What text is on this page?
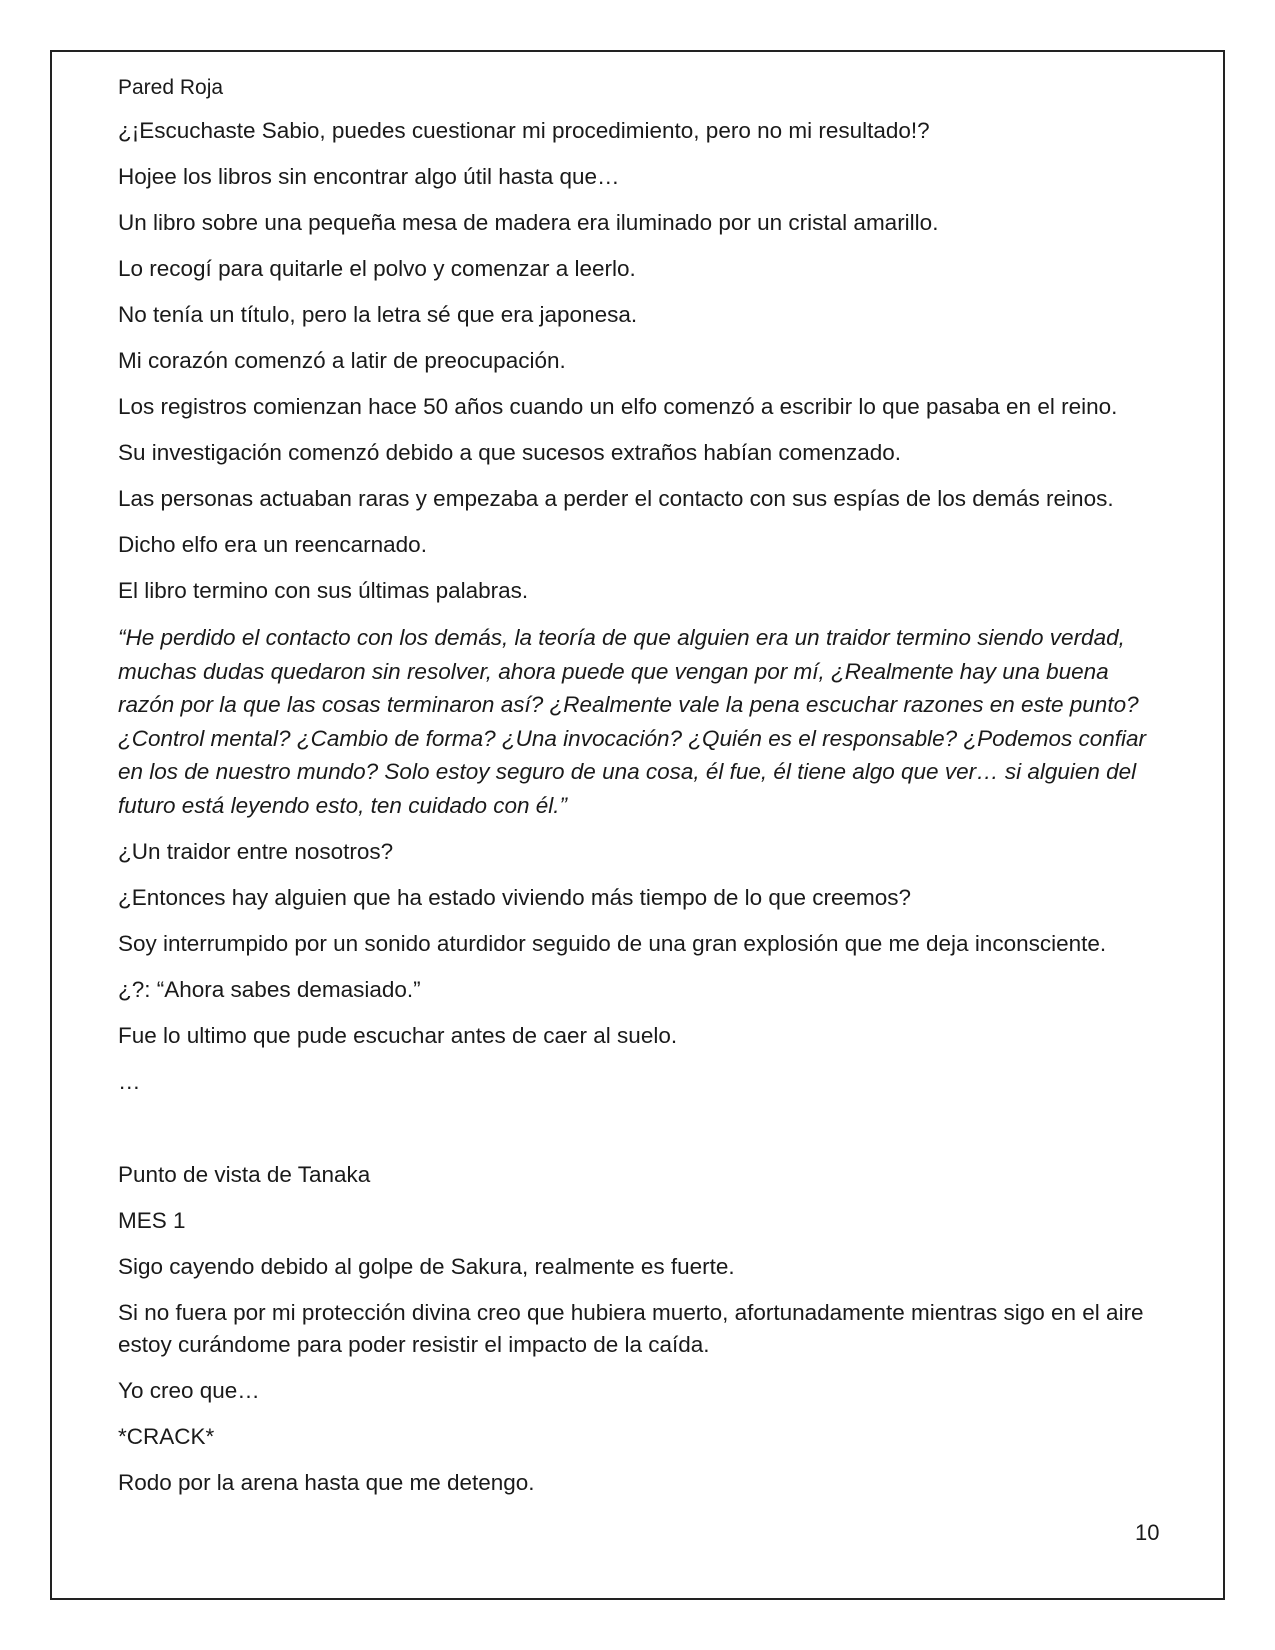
Pared Roja

¿¡Escuchaste Sabio, puedes cuestionar mi procedimiento, pero no mi resultado!?

Hojee los libros sin encontrar algo útil hasta que…

Un libro sobre una pequeña mesa de madera era iluminado por un cristal amarillo.

Lo recogí para quitarle el polvo y comenzar a leerlo.

No tenía un título, pero la letra sé que era japonesa.

Mi corazón comenzó a latir de preocupación.

Los registros comienzan hace 50 años cuando un elfo comenzó a escribir lo que pasaba en el reino.

Su investigación comenzó debido a que sucesos extraños habían comenzado.

Las personas actuaban raras y empezaba a perder el contacto con sus espías de los demás reinos.

Dicho elfo era un reencarnado.

El libro termino con sus últimas palabras.

“He perdido el contacto con los demás, la teoría de que alguien era un traidor termino siendo verdad, muchas dudas quedaron sin resolver, ahora puede que vengan por mí, ¿Realmente hay una buena razón por la que las cosas terminaron así? ¿Realmente vale la pena escuchar razones en este punto? ¿Control mental? ¿Cambio de forma? ¿Una invocación? ¿Quién es el responsable? ¿Podemos confiar en los de nuestro mundo? Solo estoy seguro de una cosa, él fue, él tiene algo que ver… si alguien del futuro está leyendo esto, ten cuidado con él.”

¿Un traidor entre nosotros?

¿Entonces hay alguien que ha estado viviendo más tiempo de lo que creemos?

Soy interrumpido por un sonido aturdidor seguido de una gran explosión que me deja inconsciente.

¿?: “Ahora sabes demasiado.”

Fue lo ultimo que pude escuchar antes de caer al suelo.

…

Punto de vista de Tanaka

MES 1

Sigo cayendo debido al golpe de Sakura, realmente es fuerte.

Si no fuera por mi protección divina creo que hubiera muerto, afortunadamente mientras sigo en el aire estoy curándome para poder resistir el impacto de la caída.

Yo creo que…

*CRACK*

Rodo por la arena hasta que me detengo.

10
